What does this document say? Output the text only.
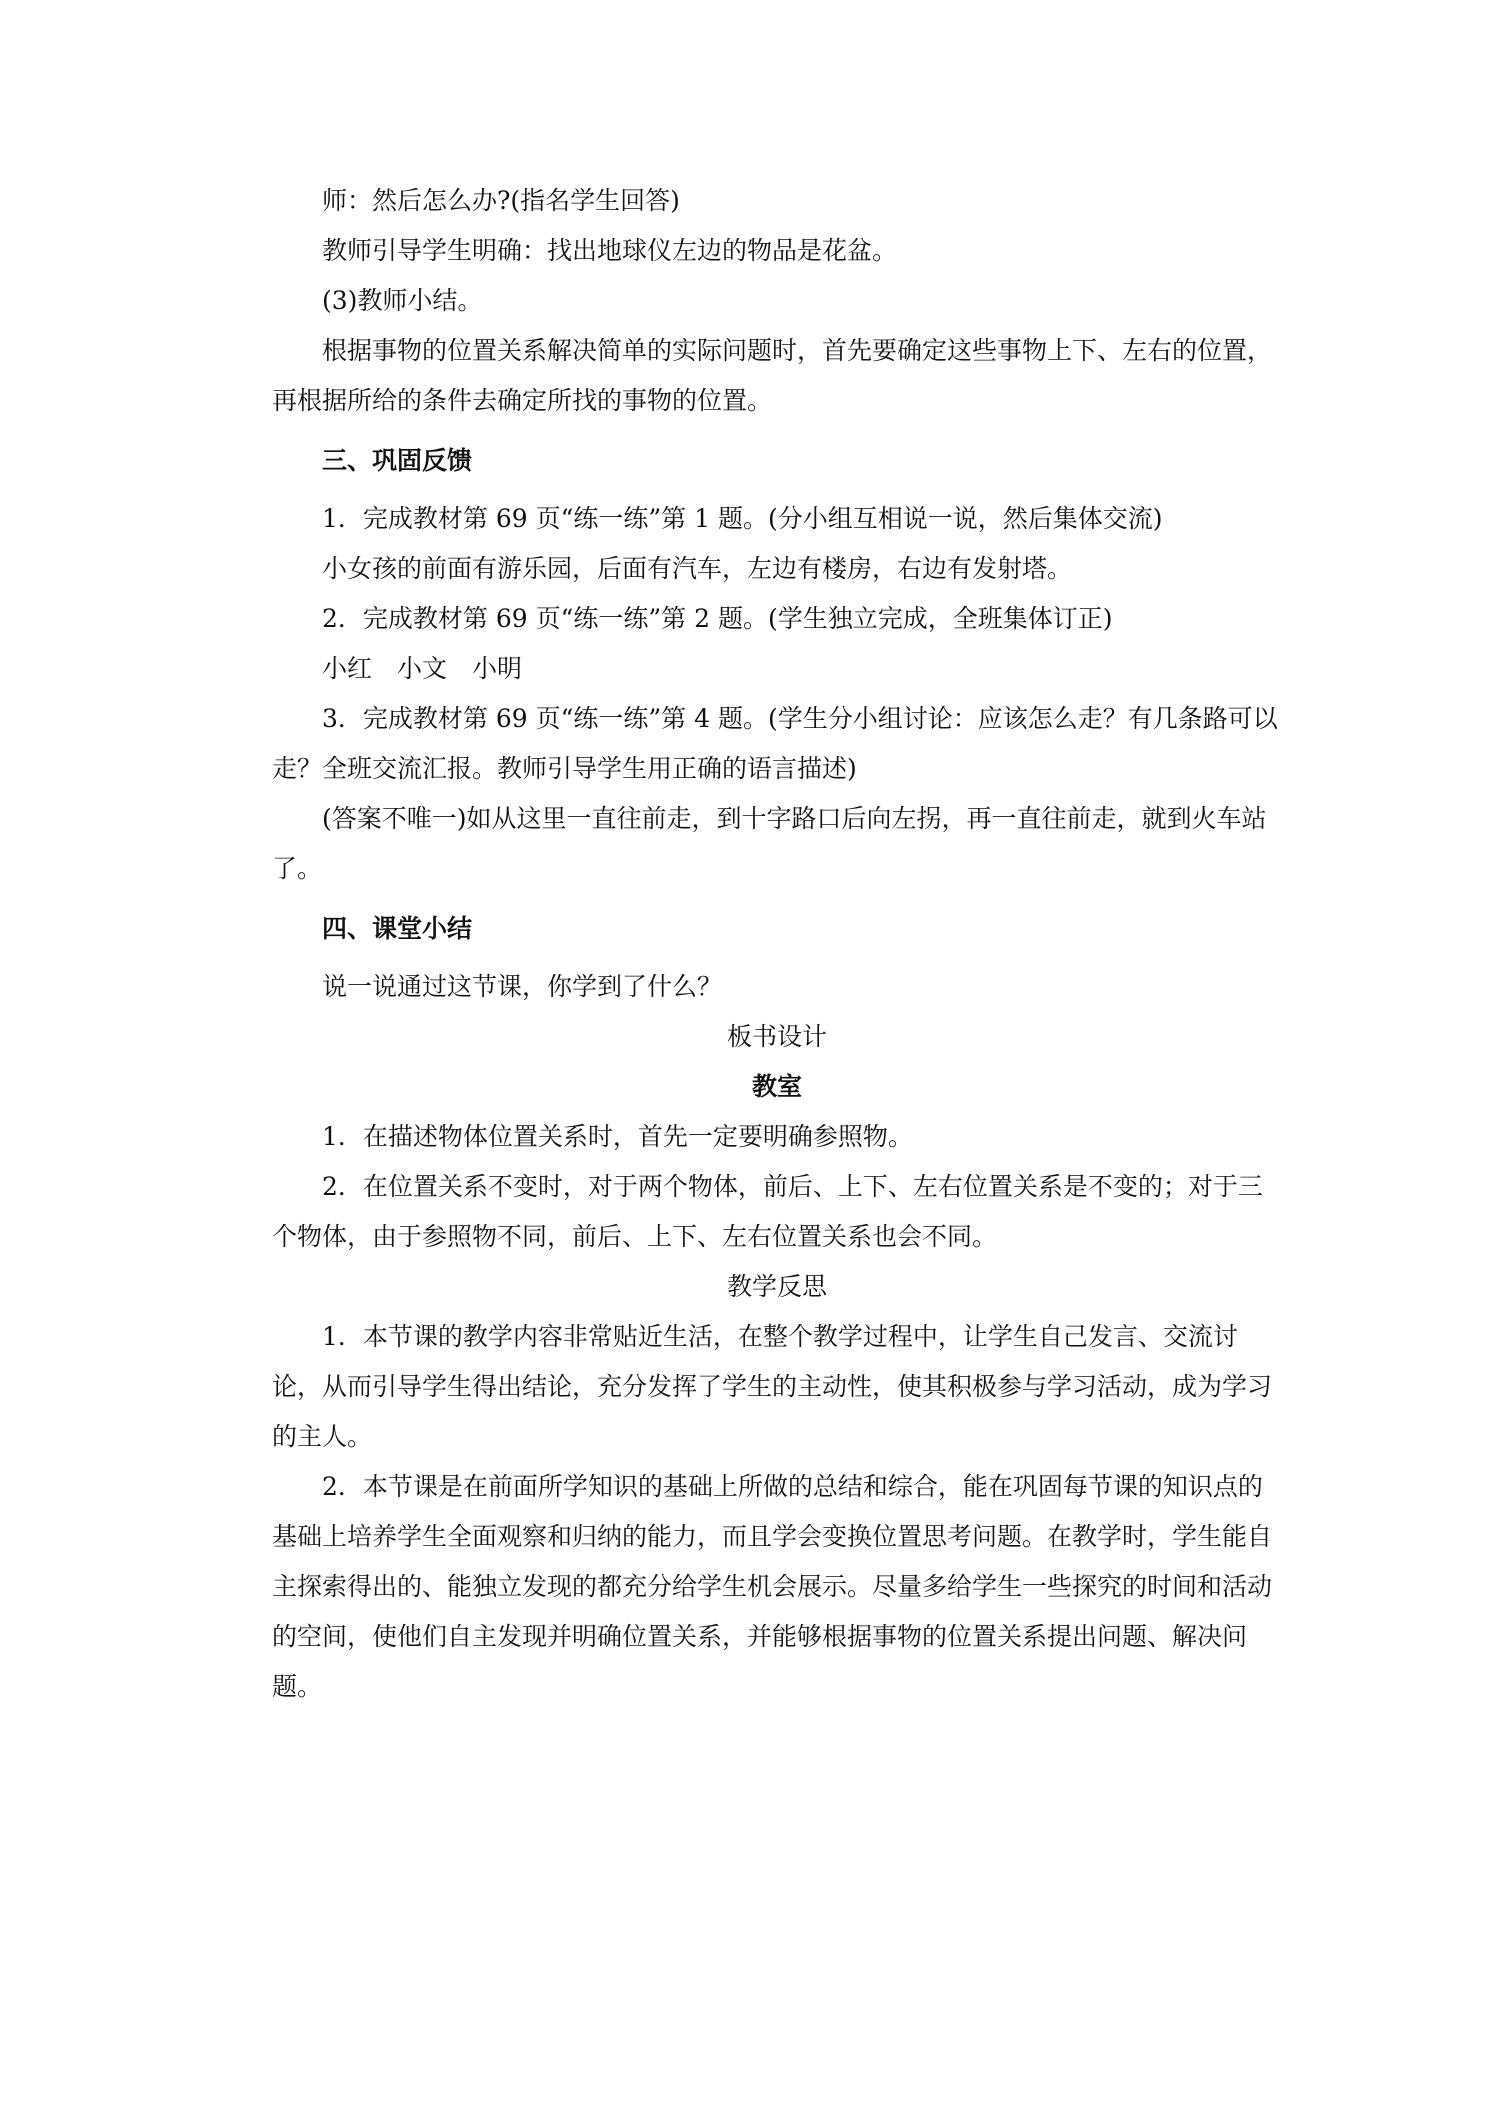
师：然后怎么办?(指名学生回答)

教师引导学生明确：找出地球仪左边的物品是花盆。

(3)教师小结。

根据事物的位置关系解决简单的实际问题时，首先要确定这些事物上下、左右的位置，再根据所给的条件去确定所找的事物的位置。

三、巩固反馈

1．完成教材第 69 页“练一练”第 1 题。(分小组互相说一说，然后集体交流)

小女孩的前面有游乐园，后面有汽车，左边有楼房，右边有发射塔。

2．完成教材第 69 页“练一练”第 2 题。(学生独立完成，全班集体订正)

小红　小文　小明

3．完成教材第 69 页“练一练”第 4 题。(学生分小组讨论：应该怎么走？有几条路可以走？全班交流汇报。教师引导学生用正确的语言描述)

(答案不唯一)如从这里一直往前走，到十字路口后向左拐，再一直往前走，就到火车站了。

四、课堂小结

说一说通过这节课，你学到了什么？

板书设计

教室

1．在描述物体位置关系时，首先一定要明确参照物。

2．在位置关系不变时，对于两个物体，前后、上下、左右位置关系是不变的；对于三个物体，由于参照物不同，前后、上下、左右位置关系也会不同。

教学反思

1．本节课的教学内容非常贴近生活，在整个教学过程中，让学生自己发言、交流讨论，从而引导学生得出结论，充分发挥了学生的主动性，使其积极参与学习活动，成为学习的主人。

2．本节课是在前面所学知识的基础上所做的总结和综合，能在巩固每节课的知识点的基础上培养学生全面观察和归纳的能力，而且学会变换位置思考问题。在教学时，学生能自主探索得出的、能独立发现的都充分给学生机会展示。尽量多给学生一些探究的时间和活动的空间，使他们自主发现并明确位置关系，并能够根据事物的位置关系提出问题、解决问题。
